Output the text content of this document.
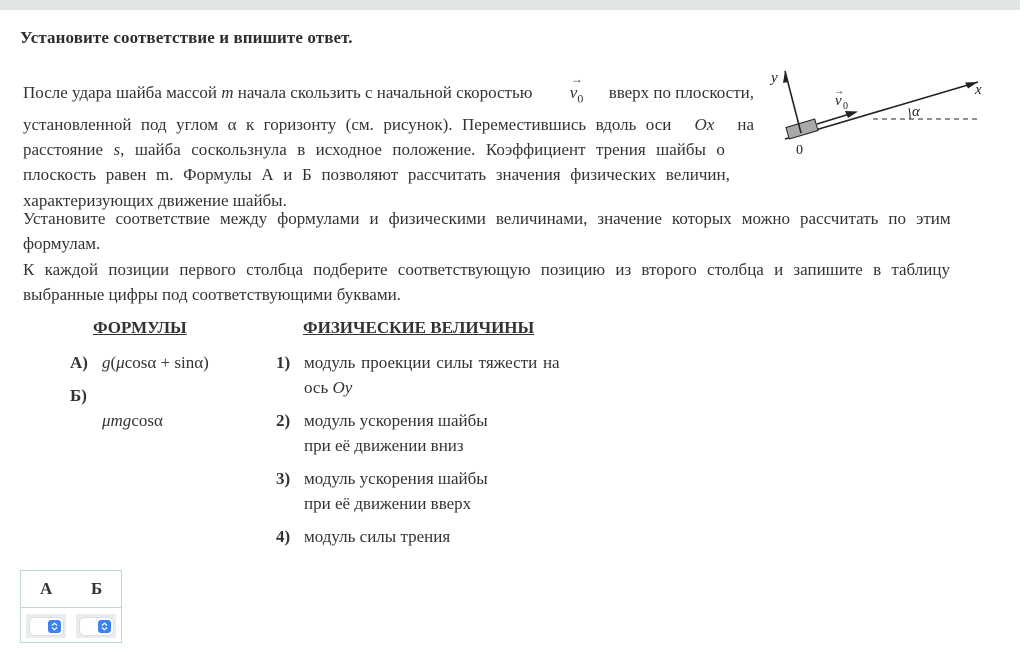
Установите соответствие и впишите ответ.
После удара шайба массой m начала скользить с начальной скоростью
→
$v_0$ вверх по плоскости,
установленной под углом α к горизонту (см. рисунок). Переместившись вдоль оси Ox на
расстояние s, шайба соскользнула в исходное положение. Коэффициент трения шайбы о
плоскость равен m. Формулы А и Б позволяют рассчитать значения физических величин,
характеризующих движение шайбы.
y
x
0
v 0
→
α
Установите соответствие между формулами и физическими величинами, значение которых можно рассчитать по этим
формулам.
К каждой позиции первого столбца подберите соответствующую позицию из второго столбца и запишите в таблицу
выбранные цифры под соответствующими буквами.
ФОРМУЛЫ	ФИЗИЧЕСКИЕ ВЕЛИЧИНЫ
А) g(μcosα + sinα)
Б)
μmgcosα
1) модуль проекции силы тяжести на
ось Oy
2) модуль ускорения шайбы
при её движении вниз
3) модуль ускорения шайбы
при её движении вверх
4) модуль силы трения
А Б
